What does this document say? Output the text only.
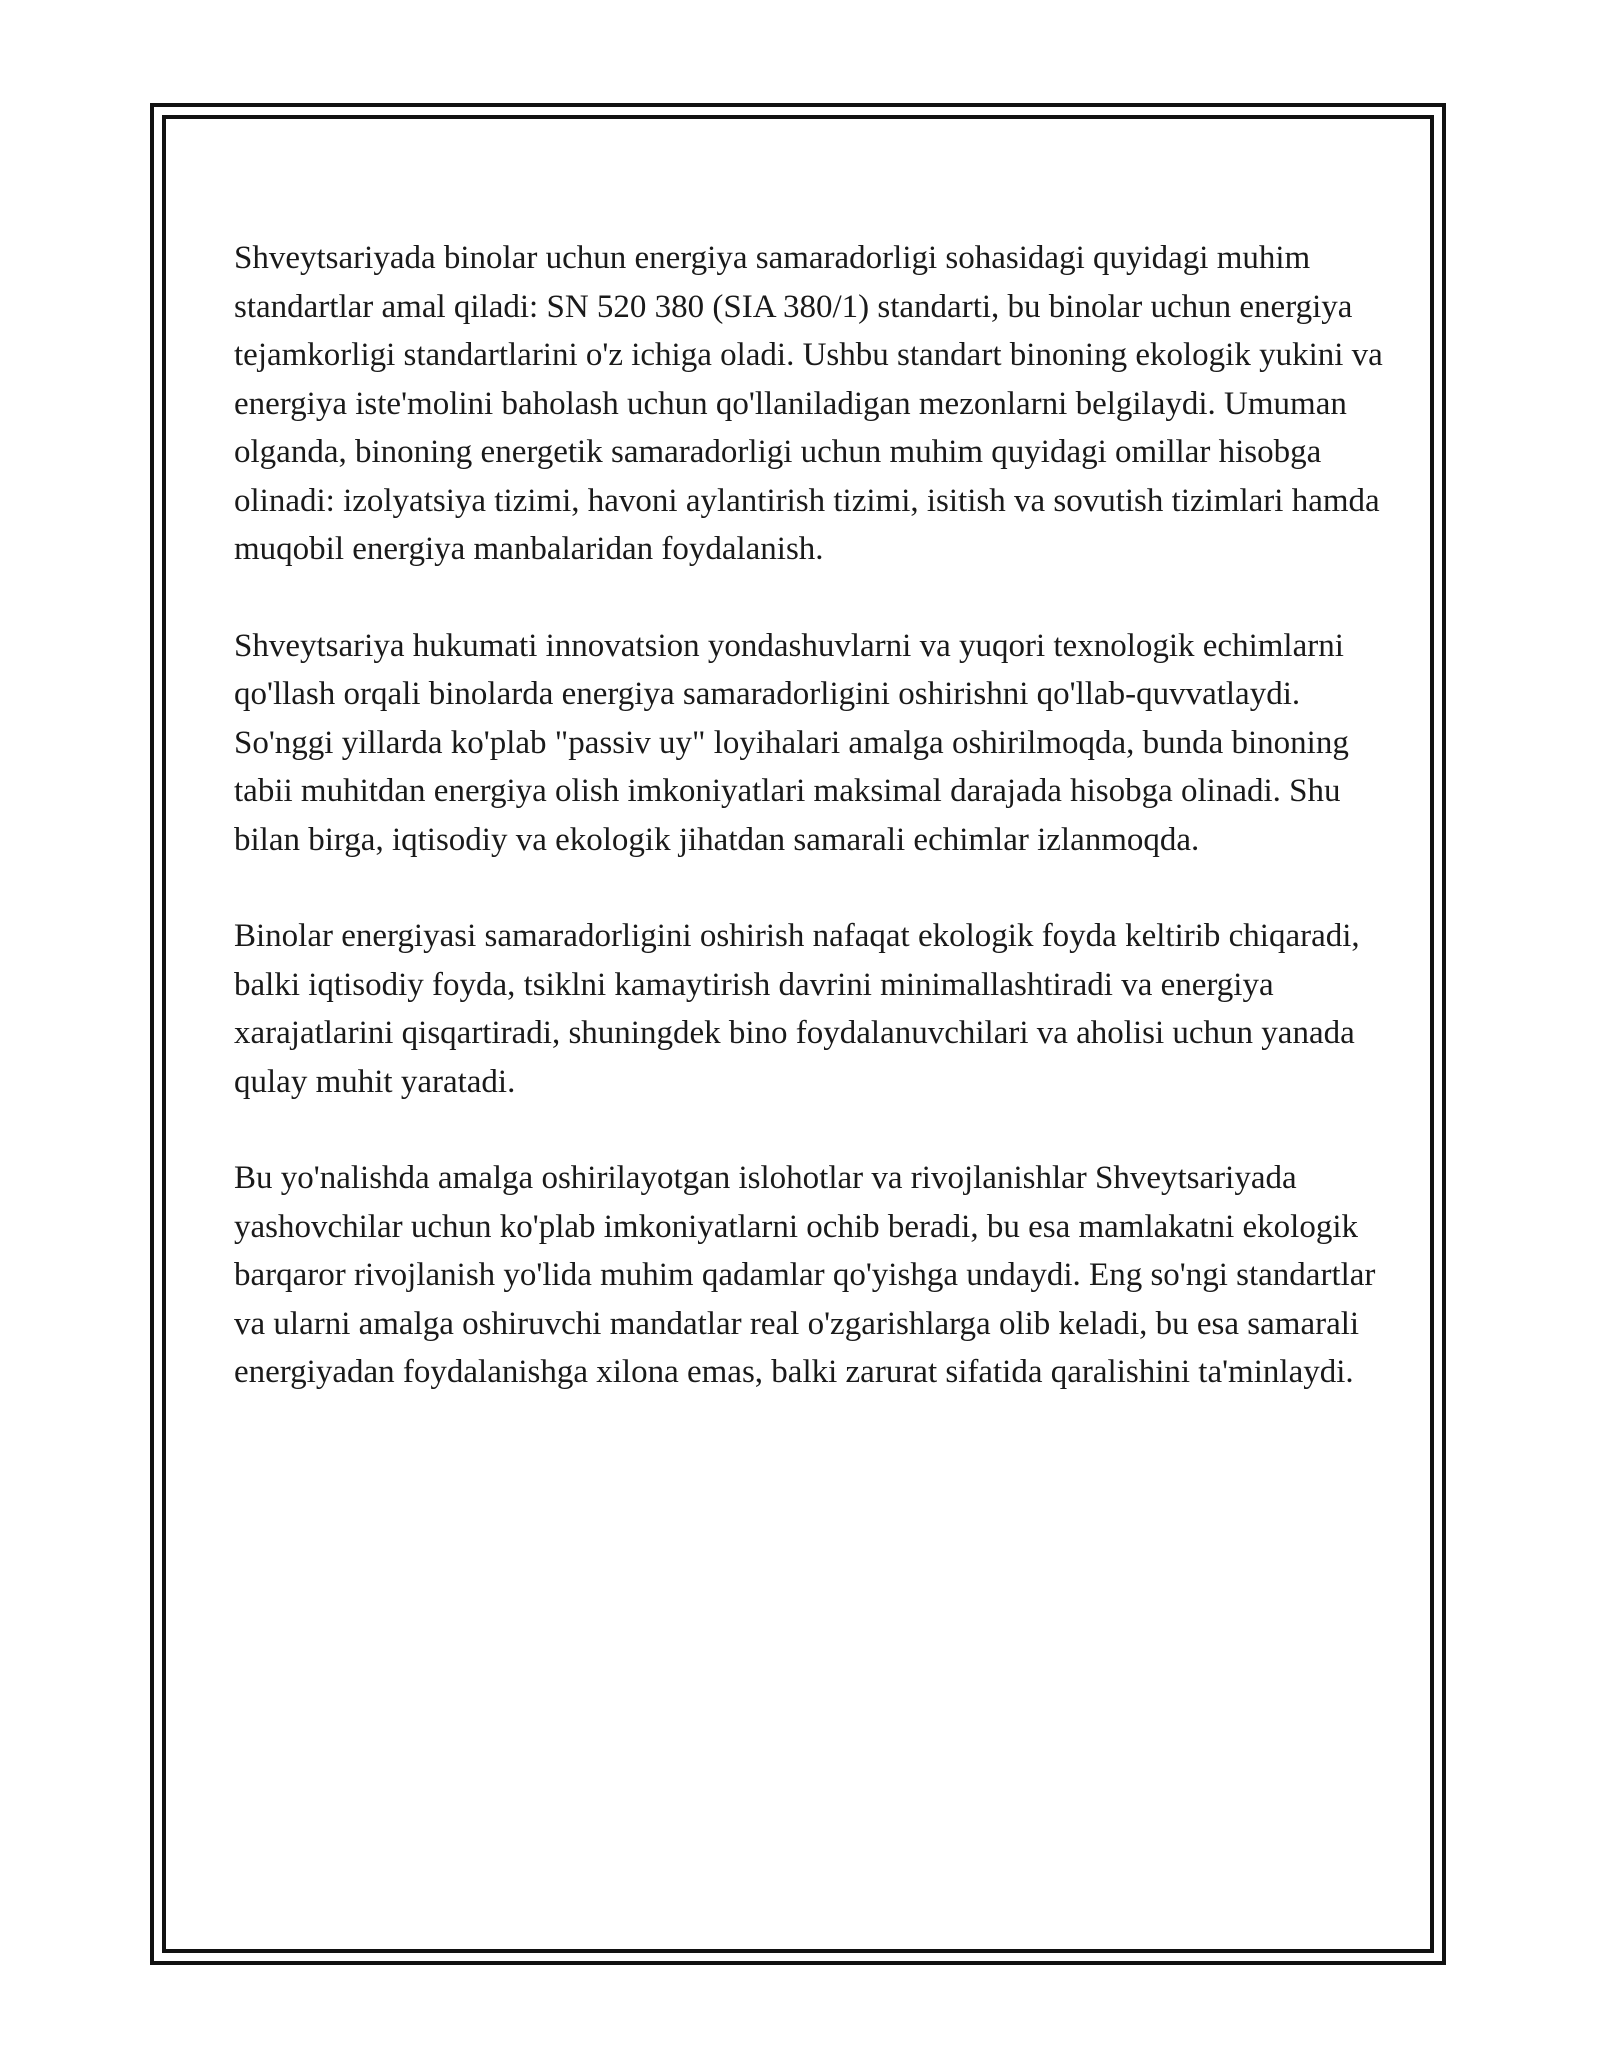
Shveytsariyada binolar uchun energiya samaradorligi sohasidagi quyidagi muhim standartlar amal qiladi: SN 520 380 (SIA 380/1) standarti, bu binolar uchun energiya tejamkorligi standartlarini o'z ichiga oladi. Ushbu standart binoning ekologik yukini va energiya iste'molini baholash uchun qo'llaniladigan mezonlarni belgilaydi. Umuman olganda, binoning energetik samaradorligi uchun muhim quyidagi omillar hisobga olinadi: izolyatsiya tizimi, havoni aylantirish tizimi, isitish va sovutish tizimlari hamda muqobil energiya manbalaridan foydalanish.

Shveytsariya hukumati innovatsion yondashuvlarni va yuqori texnologik echimlarni qo'llash orqali binolarda energiya samaradorligini oshirishni qo'llab-quvvatlaydi. So'nggi yillarda ko'plab "passiv uy" loyihalari amalga oshirilmoqda, bunda binoning tabii muhitdan energiya olish imkoniyatlari maksimal darajada hisobga olinadi. Shu bilan birga, iqtisodiy va ekologik jihatdan samarali echimlar izlanmoqda.

Binolar energiyasi samaradorligini oshirish nafaqat ekologik foyda keltirib chiqaradi, balki iqtisodiy foyda, tsiklni kamaytirish davrini minimallashtiradi va energiya xarajatlarini qisqartiradi, shuningdek bino foydalanuvchilari va aholisi uchun yanada qulay muhit yaratadi.

Bu yo'nalishda amalga oshirilayotgan islohotlar va rivojlanishlar Shveytsariyada yashovchilar uchun ko'plab imkoniyatlarni ochib beradi, bu esa mamlakatni ekologik barqaror rivojlanish yo'lida muhim qadamlar qo'yishga undaydi. Eng so'ngi standartlar va ularni amalga oshiruvchi mandatlar real o'zgarishlarga olib keladi, bu esa samarali energiyadan foydalanishga xilona emas, balki zarurat sifatida qaralishini ta'minlaydi.
